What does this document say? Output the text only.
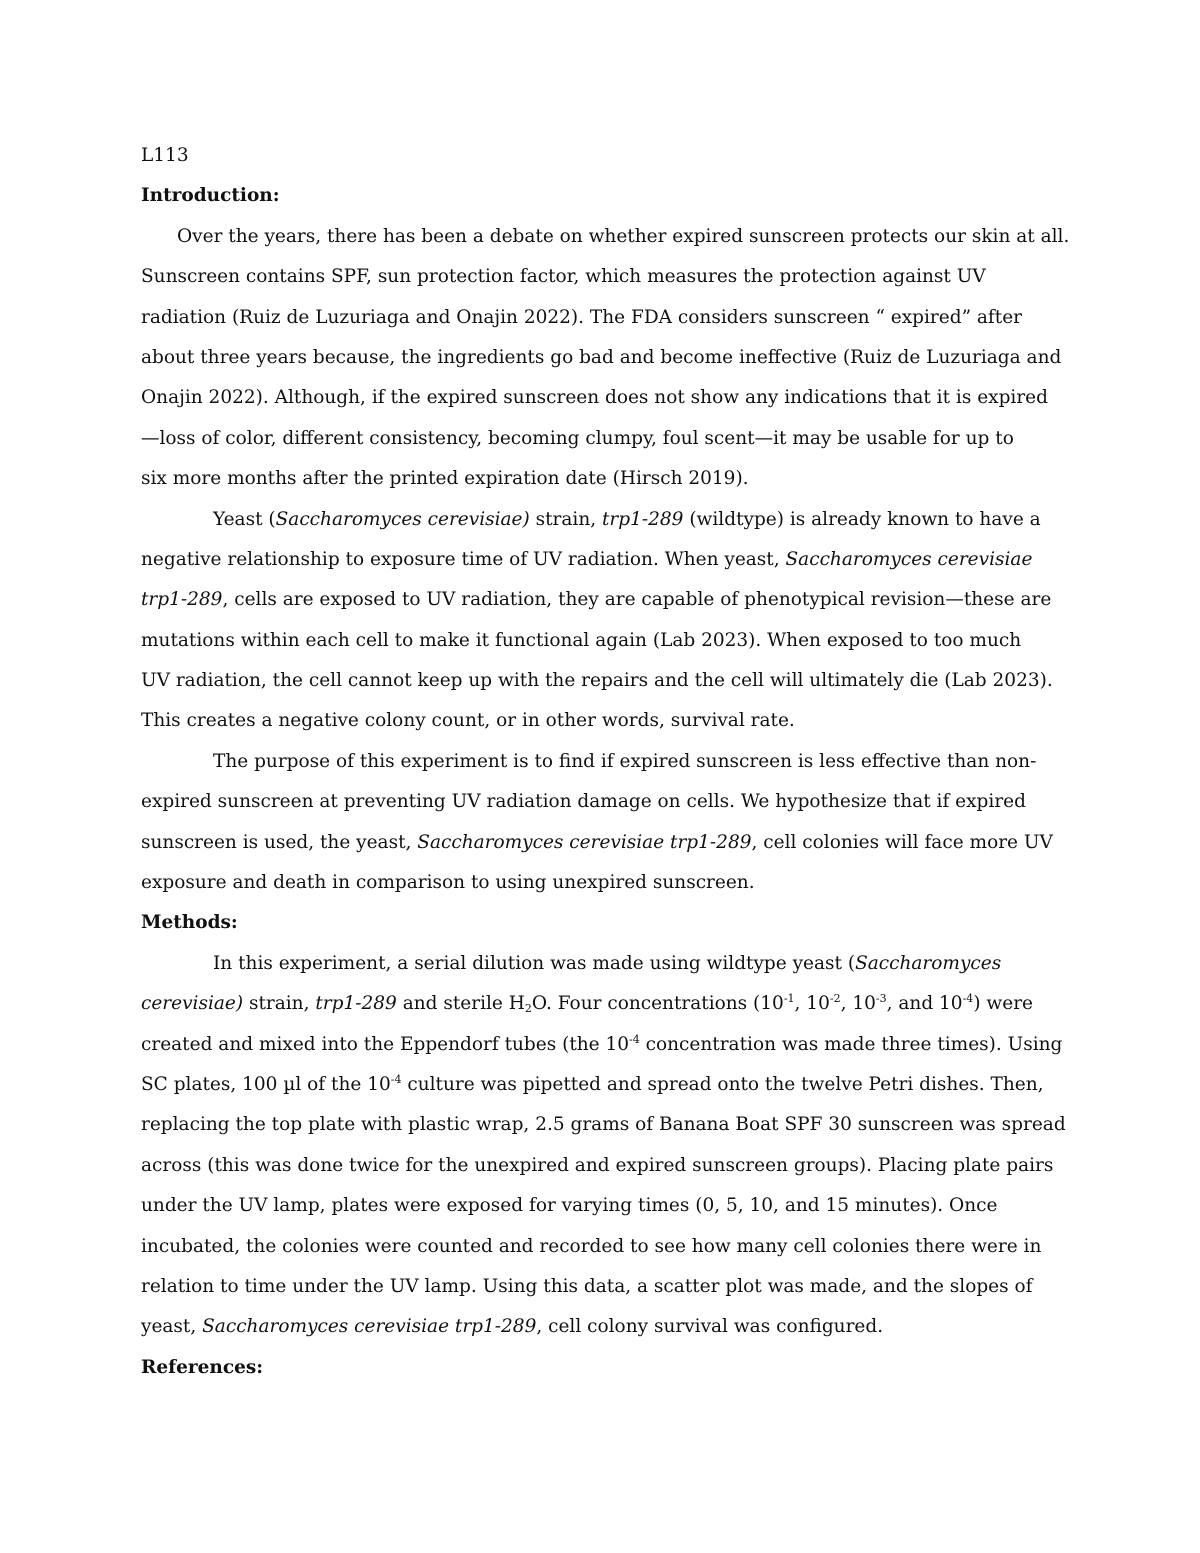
L113
Introduction:
Over the years, there has been a debate on whether expired sunscreen protects our skin at all.
Sunscreen contains SPF, sun protection factor, which measures the protection against UV
radiation (Ruiz de Luzuriaga and Onajin 2022). The FDA considers sunscreen “ expired” after
about three years because, the ingredients go bad and become ineffective (Ruiz de Luzuriaga and
Onajin 2022). Although, if the expired sunscreen does not show any indications that it is expired
—loss of color, different consistency, becoming clumpy, foul scent—it may be usable for up to
six more months after the printed expiration date (Hirsch 2019).
Yeast (Saccharomyces cerevisiae) strain, trp1-289 (wildtype) is already known to have a
negative relationship to exposure time of UV radiation. When yeast, Saccharomyces cerevisiae
trp1-289, cells are exposed to UV radiation, they are capable of phenotypical revision—these are
mutations within each cell to make it functional again (Lab 2023). When exposed to too much
UV radiation, the cell cannot keep up with the repairs and the cell will ultimately die (Lab 2023).
This creates a negative colony count, or in other words, survival rate.
The purpose of this experiment is to find if expired sunscreen is less effective than non-
expired sunscreen at preventing UV radiation damage on cells. We hypothesize that if expired
sunscreen is used, the yeast, Saccharomyces cerevisiae trp1-289, cell colonies will face more UV
exposure and death in comparison to using unexpired sunscreen.
Methods:
In this experiment, a serial dilution was made using wildtype yeast (Saccharomyces
cerevisiae) strain, trp1-289 and sterile $H_2O$. Four concentrations ($10^{-1}$, $10^{-2}$, $10^{-3}$, and $10^{-4}$) were
created and mixed into the Eppendorf tubes (the $10^{-4}$ concentration was made three times). Using
SC plates, 100 µl of the $10^{-4}$ culture was pipetted and spread onto the twelve Petri dishes. Then,
replacing the top plate with plastic wrap, 2.5 grams of Banana Boat SPF 30 sunscreen was spread
across (this was done twice for the unexpired and expired sunscreen groups). Placing plate pairs
under the UV lamp, plates were exposed for varying times (0, 5, 10, and 15 minutes). Once
incubated, the colonies were counted and recorded to see how many cell colonies there were in
relation to time under the UV lamp. Using this data, a scatter plot was made, and the slopes of
yeast, Saccharomyces cerevisiae trp1-289, cell colony survival was configured.
References:
